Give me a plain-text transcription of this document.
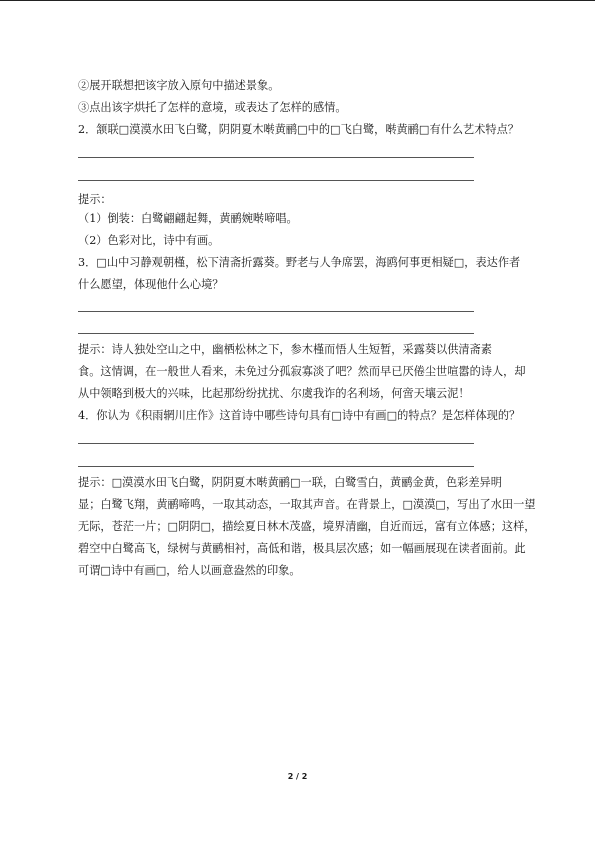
②展开联想把该字放入原句中描述景象。
③点出该字烘托了怎样的意境，或表达了怎样的感情。
2．颔联□漠漠水田飞白鹭，阴阴夏木啭黄鹂□中的□飞白鹭，啭黄鹂□有什么艺术特点？
提示：
（1）倒装：白鹭翩翩起舞，黄鹂婉啭啼唱。
（2）色彩对比，诗中有画。
3．□山中习静观朝槿，松下清斋折露葵。野老与人争席罢，海鸥何事更相疑□，表达作者
什么愿望，体现他什么心境？
提示：诗人独处空山之中，幽栖松林之下，参木槿而悟人生短暂，采露葵以供清斋素
食。这情调，在一般世人看来，未免过分孤寂寡淡了吧？然而早已厌倦尘世喧嚣的诗人，却
从中领略到极大的兴味，比起那纷纷扰扰、尔虞我诈的名利场，何啻天壤云泥！
4．你认为《积雨辋川庄作》这首诗中哪些诗句具有□诗中有画□的特点？是怎样体现的？
提示：□漠漠水田飞白鹭，阴阴夏木啭黄鹂□一联，白鹭雪白，黄鹂金黄，色彩差异明
显；白鹭飞翔，黄鹂啼鸣，一取其动态，一取其声音。在背景上，□漠漠□，写出了水田一望
无际，苍茫一片；□阴阴□，描绘夏日林木茂盛，境界清幽，自近而远，富有立体感；这样，
碧空中白鹭高飞，绿树与黄鹂相衬，高低和谐，极具层次感；如一幅画展现在读者面前。此
可谓□诗中有画□，给人以画意盎然的印象。
2 / 2
